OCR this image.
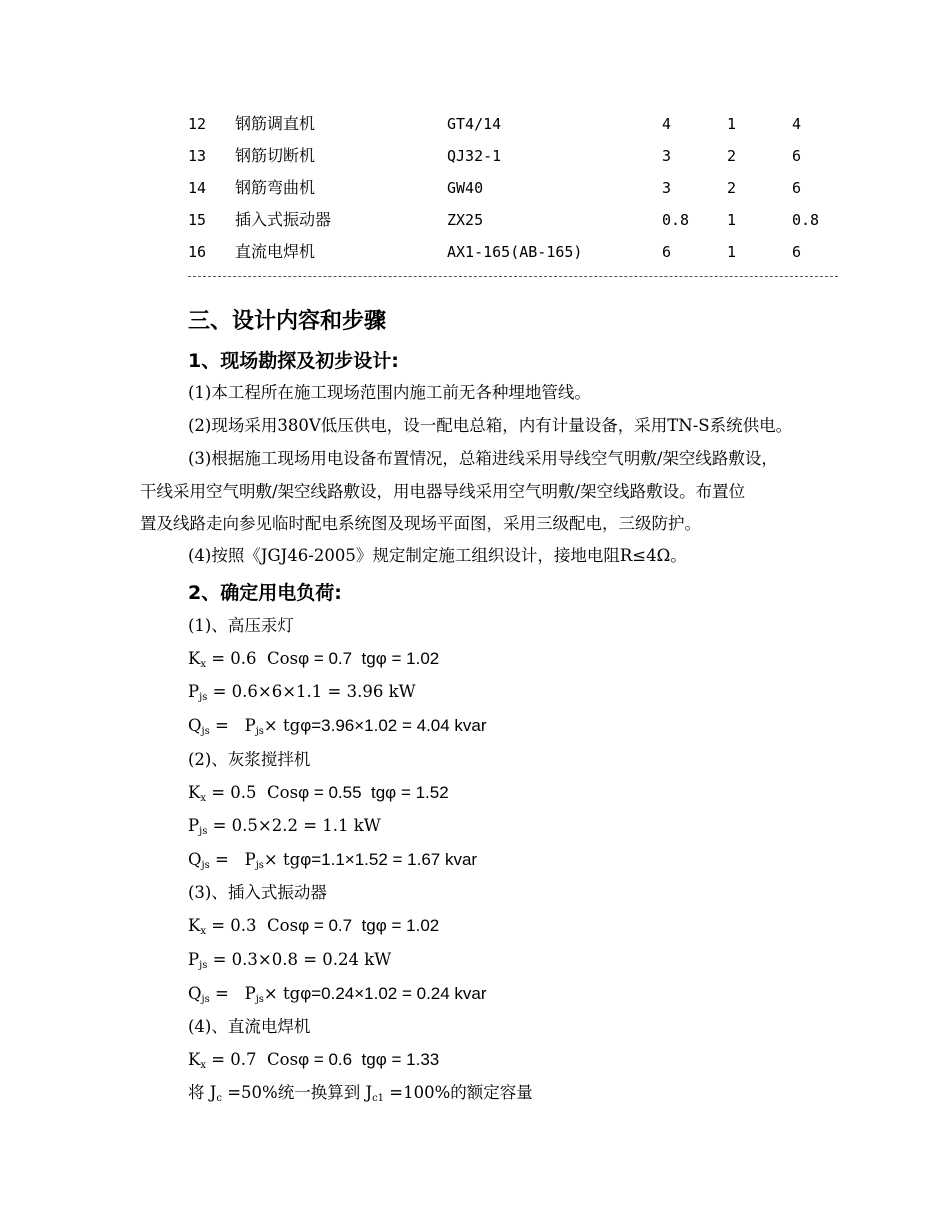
12 钢筋调直机	GT4/14	4	1	4
13 钢筋切断机	QJ32-1	3	2	6
14 钢筋弯曲机	GW40	3	2	6
15 插入式振动器	ZX25	0.8	1	0.8
16 直流电焊机	AX1-165(AB-165)	6	1	6
三、设计内容和步骤
1、现场勘探及初步设计:
(1)本工程所在施工现场范围内施工前无各种埋地管线。
(2)现场采用380V低压供电，设一配电总箱，内有计量设备，采用TN-S系统供电。
(3)根据施工现场用电设备布置情况，总箱进线采用导线空气明敷/架空线路敷设，
干线采用空气明敷/架空线路敷设，用电器导线采用空气明敷/架空线路敷设。布置位
置及线路走向参见临时配电系统图及现场平面图，采用三级配电，三级防护。
(4)按照《JGJ46-2005》规定制定施工组织设计，接地电阻R≤4Ω。
2、确定用电负荷:
(1)、高压汞灯
$K_x = 0.6$  Cosφ = 0.7  tgφ = 1.02
$P_{js} = 0.6\times 6\times 1.1 = 3.96$ kW
$Q_{js} = P_{js}\times tg\varphi=3.96\times 1.02 = 4.04$ kvar
(2)、灰浆搅拌机
$K_x = 0.5$  Cosφ = 0.55  tgφ = 1.52
$P_{js} = 0.5\times 2.2 = 1.1$ kW
$Q_{js} = P_{js}\times tg\varphi=1.1\times 1.52 = 1.67$ kvar
(3)、插入式振动器
$K_x = 0.3$  Cosφ = 0.7  tgφ = 1.02
$P_{js} = 0.3\times 0.8 = 0.24$ kW
$Q_{js} = P_{js}\times tg\varphi=0.24\times 1.02 = 0.24$ kvar
(4)、直流电焊机
$K_x = 0.7$  Cosφ = 0.6  tgφ = 1.33
将 $J_c =50\%$统一换算到 $J_{c1} =100\%$的额定容量
